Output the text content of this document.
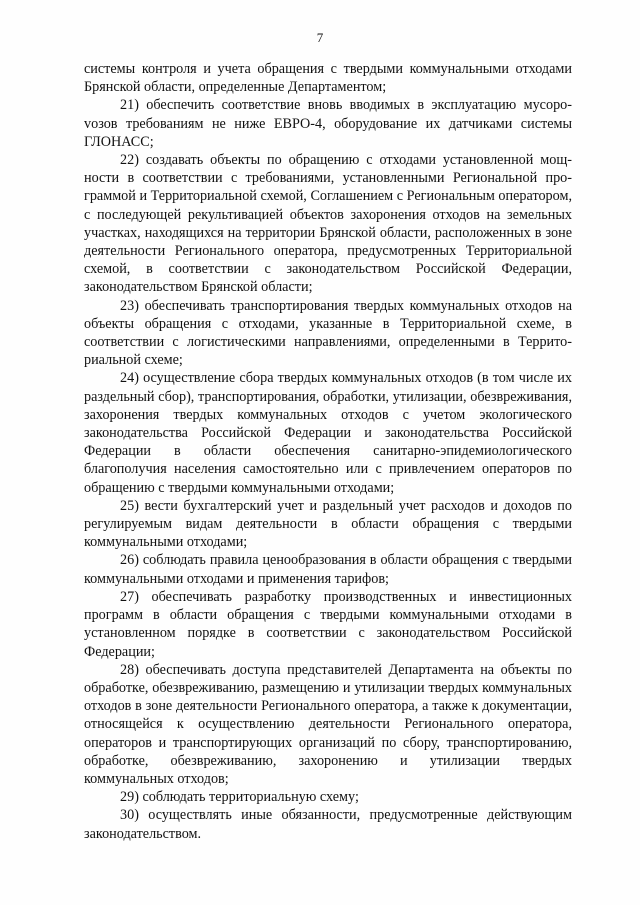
7

системы контроля и учета обращения с твердыми коммунальными отходами Брянской области, определенные Департаментом;

21) обеспечить соответствие вновь вводимых в эксплуатацию мусороvозов требованиям не ниже ЕВРО-4, оборудование их датчиками системы ГЛОНАСС;

22) создавать объекты по обращению с отходами установленной мощности в соответствии с требованиями, установленными Региональной программой и Территориальной схемой, Соглашением с Региональным оператором, с последующей рекультивацией объектов захоронения отходов на земельных участках, находящихся на территории Брянской области, расположенных в зоне деятельности Регионального оператора, предусмотренных Территориальной схемой, в соответствии с законодательством Российской Федерации, законодательством Брянской области;

23) обеспечивать транспортирования твердых коммунальных отходов на объекты обращения с отходами, указанные в Территориальной схеме, в соответствии с логистическими направлениями, определенными в Территориальной схеме;

24) осуществление сбора твердых коммунальных отходов (в том числе их раздельный сбор), транспортирования, обработки, утилизации, обезвреживания, захоронения твердых коммунальных отходов с учетом экологического законодательства Российской Федерации и законодательства Российской Федерации в области обеспечения санитарно-эпидемиологического благополучия населения самостоятельно или с привлечением операторов по обращению с твердыми коммунальными отходами;

25) вести бухгалтерский учет и раздельный учет расходов и доходов по регулируемым видам деятельности в области обращения с твердыми коммунальными отходами;

26) соблюдать правила ценообразования в области обращения с твердыми коммунальными отходами и применения тарифов;

27) обеспечивать разработку производственных и инвестиционных программ в области обращения с твердыми коммунальными отходами в установленном порядке в соответствии с законодательством Российской Федерации;

28) обеспечивать доступа представителей Департамента на объекты по обработке, обезвреживанию, размещению и утилизации твердых коммунальных отходов в зоне деятельности Регионального оператора, а также к документации, относящейся к осуществлению деятельности Регионального оператора, операторов и транспортирующих организаций по сбору, транспортированию, обработке, обезвреживанию, захоронению и утилизации твердых коммунальных отходов;

29) соблюдать территориальную схему;

30) осуществлять иные обязанности, предусмотренные действующим законодательством.
